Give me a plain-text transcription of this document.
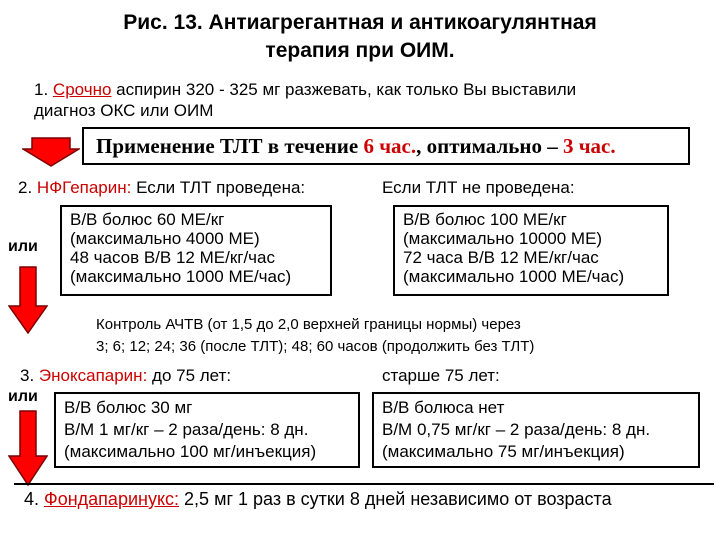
Рис. 13. Антиагрегантная и антикоагулянтная
терапия при ОИМ.
1. Срочно аспирин 320 - 325 мг разжевать, как только Вы выставили
диагноз ОКС или ОИМ
Применение ТЛТ в течение 6 час., оптимально – 3 час.
2. НФГепарин: Если ТЛТ проведена:	Если ТЛТ не проведена:
или
В/В болюс 60 МЕ/кг
(максимально 4000 МЕ)
48 часов В/В 12 МЕ/кг/час
(максимально 1000 МЕ/час)
В/В болюс 100 МЕ/кг
(максимально 10000 МЕ)
72 часа В/В 12 МЕ/кг/час
(максимально 1000 МЕ/час)
Контроль АЧТВ (от 1,5 до 2,0 верхней границы нормы) через
3; 6; 12; 24; 36 (после ТЛТ); 48; 60 часов (продолжить без ТЛТ)
3. Эноксапарин: до 75 лет:	старше 75 лет:
или
В/В болюс 30 мг
В/М 1 мг/кг – 2 раза/день: 8 дн.
(максимально 100 мг/инъекция)
В/В болюса нет
В/М 0,75 мг/кг – 2 раза/день: 8 дн.
(максимально 75 мг/инъекция)
4. Фондапаринукс: 2,5 мг 1 раз в сутки 8 дней независимо от возраста
